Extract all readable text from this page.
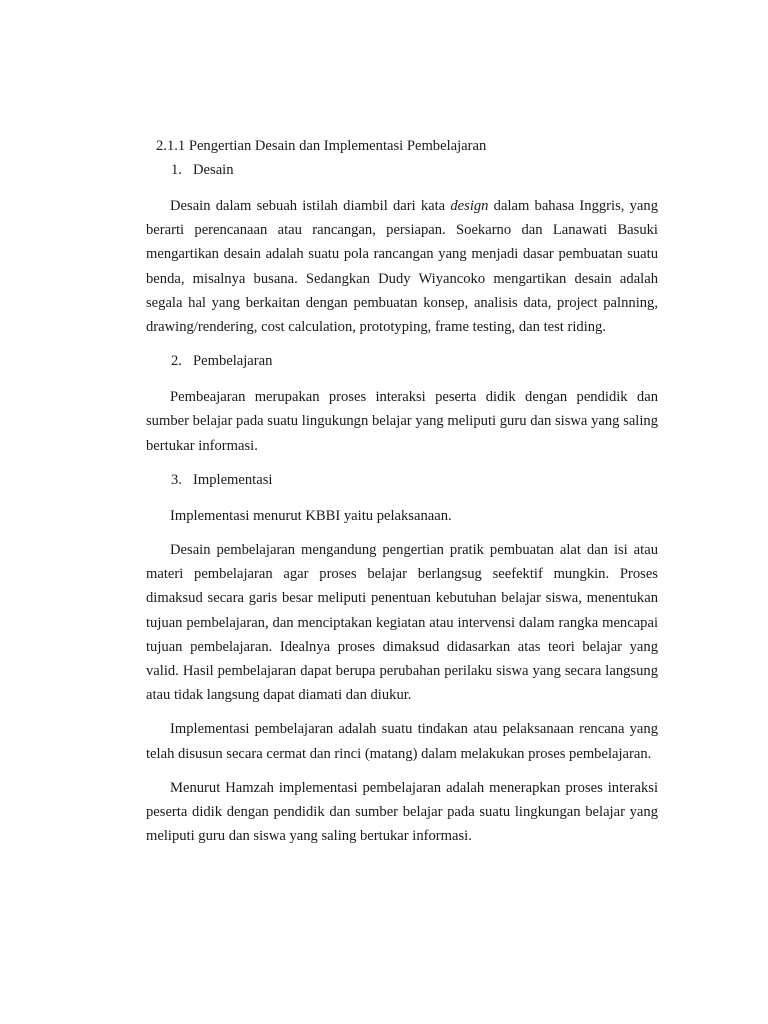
2.1.1 Pengertian Desain dan Implementasi Pembelajaran

1. Desain

Desain dalam sebuah istilah diambil dari kata design dalam bahasa Inggris, yang berarti perencanaan atau rancangan, persiapan. Soekarno dan Lanawati Basuki mengartikan desain adalah suatu pola rancangan yang menjadi dasar pembuatan suatu benda, misalnya busana. Sedangkan Dudy Wiyancoko mengartikan desain adalah segala hal yang berkaitan dengan pembuatan konsep, analisis data, project palnning, drawing/rendering, cost calculation, prototyping, frame testing, dan test riding.

2. Pembelajaran

Pembeajaran merupakan proses interaksi peserta didik dengan pendidik dan sumber belajar pada suatu lingukungn belajar yang meliputi guru dan siswa yang saling bertukar informasi.

3. Implementasi

Implementasi menurut KBBI yaitu pelaksanaan.

Desain pembelajaran mengandung pengertian pratik pembuatan alat dan isi atau materi pembelajaran agar proses belajar berlangsug seefektif mungkin. Proses dimaksud secara garis besar meliputi penentuan kebutuhan belajar siswa, menentukan tujuan pembelajaran, dan menciptakan kegiatan atau intervensi dalam rangka mencapai tujuan pembelajaran. Idealnya proses dimaksud didasarkan atas teori belajar yang valid. Hasil pembelajaran dapat berupa perubahan perilaku siswa yang secara langsung atau tidak langsung dapat diamati dan diukur.

Implementasi pembelajaran adalah suatu tindakan atau pelaksanaan rencana yang telah disusun secara cermat dan rinci (matang) dalam melakukan proses pembelajaran.

Menurut Hamzah implementasi pembelajaran adalah menerapkan proses interaksi peserta didik dengan pendidik dan sumber belajar pada suatu lingkungan belajar yang meliputi guru dan siswa yang saling bertukar informasi.
